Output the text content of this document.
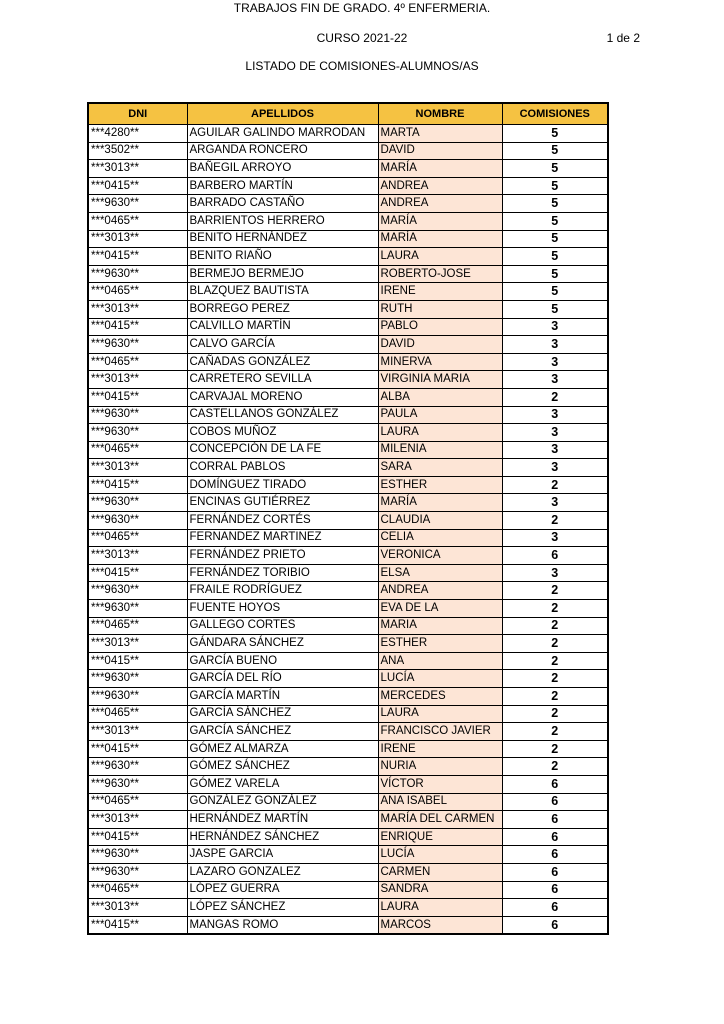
TRABAJOS FIN DE GRADO. 4º ENFERMERIA.
CURSO 2021-22	1 de 2
LISTADO DE COMISIONES-ALUMNOS/AS
DNI	APELLIDOS	NOMBRE	COMISIONES
***4280**	AGUILAR GALINDO MARRODAN	MARTA	5
***3502**	ARGANDA RONCERO	DAVID	5
***3013**	BAÑEGIL ARROYO	MARÍA	5
***0415**	BARBERO MARTÍN	ANDREA	5
***9630**	BARRADO CASTAÑO	ANDREA	5
***0465**	BARRIENTOS HERRERO	MARÍA	5
***3013**	BENITO HERNÁNDEZ	MARÍA	5
***0415**	BENITO RIAÑO	LAURA	5
***9630**	BERMEJO BERMEJO	ROBERTO-JOSE	5
***0465**	BLAZQUEZ BAUTISTA	IRENE	5
***3013**	BORREGO PEREZ	RUTH	5
***0415**	CALVILLO MARTÍN	PABLO	3
***9630**	CALVO GARCÍA	DAVID	3
***0465**	CAÑADAS GONZÁLEZ	MINERVA	3
***3013**	CARRETERO SEVILLA	VIRGINIA MARIA	3
***0415**	CARVAJAL MORENO	ALBA	2
***9630**	CASTELLANOS GONZÁLEZ	PAULA	3
***9630**	COBOS MUÑOZ	LAURA	3
***0465**	CONCEPCIÓN DE LA FE	MILENIA	3
***3013**	CORRAL PABLOS	SARA	3
***0415**	DOMÍNGUEZ TIRADO	ESTHER	2
***9630**	ENCINAS GUTIÉRREZ	MARÍA	3
***9630**	FERNÁNDEZ CORTÉS	CLAUDIA	2
***0465**	FERNANDEZ MARTINEZ	CELIA	3
***3013**	FERNÁNDEZ PRIETO	VERONICA	6
***0415**	FERNÁNDEZ TORIBIO	ELSA	3
***9630**	FRAILE RODRÍGUEZ	ANDREA	2
***9630**	FUENTE HOYOS	EVA DE LA	2
***0465**	GALLEGO CORTES	MARIA	2
***3013**	GÁNDARA SÁNCHEZ	ESTHER	2
***0415**	GARCÍA BUENO	ANA	2
***9630**	GARCÍA DEL RÍO	LUCÍA	2
***9630**	GARCÍA MARTÍN	MERCEDES	2
***0465**	GARCÍA SÁNCHEZ	LAURA	2
***3013**	GARCÍA SÁNCHEZ	FRANCISCO JAVIER	2
***0415**	GÓMEZ ALMARZA	IRENE	2
***9630**	GÓMEZ SÁNCHEZ	NURIA	2
***9630**	GÓMEZ VARELA	VÍCTOR	6
***0465**	GONZÁLEZ GONZÁLEZ	ANA ISABEL	6
***3013**	HERNÁNDEZ MARTÍN	MARÍA DEL CARMEN	6
***0415**	HERNÁNDEZ SÁNCHEZ	ENRIQUE	6
***9630**	JASPE GARCIA	LUCÍA	6
***9630**	LAZARO GONZALEZ	CARMEN	6
***0465**	LÓPEZ GUERRA	SANDRA	6
***3013**	LÓPEZ SÁNCHEZ	LAURA	6
***0415**	MANGAS ROMO	MARCOS	6
